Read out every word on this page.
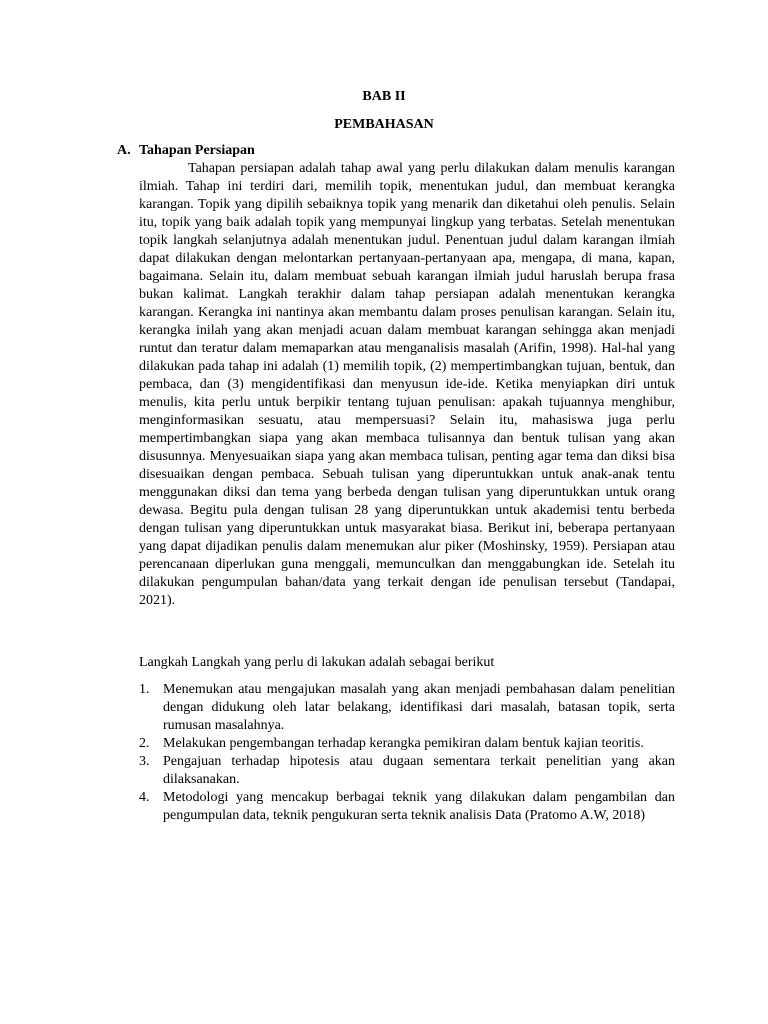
BAB II
PEMBAHASAN
A. Tahapan Persiapan

Tahapan persiapan adalah tahap awal yang perlu dilakukan dalam menulis karangan ilmiah. Tahap ini terdiri dari, memilih topik, menentukan judul, dan membuat kerangka karangan. Topik yang dipilih sebaiknya topik yang menarik dan diketahui oleh penulis. Selain itu, topik yang baik adalah topik yang mempunyai lingkup yang terbatas. Setelah menentukan topik langkah selanjutnya adalah menentukan judul. Penentuan judul dalam karangan ilmiah dapat dilakukan dengan melontarkan pertanyaan-pertanyaan apa, mengapa, di mana, kapan, bagaimana. Selain itu, dalam membuat sebuah karangan ilmiah judul haruslah berupa frasa bukan kalimat. Langkah terakhir dalam tahap persiapan adalah menentukan kerangka karangan. Kerangka ini nantinya akan membantu dalam proses penulisan karangan. Selain itu, kerangka inilah yang akan menjadi acuan dalam membuat karangan sehingga akan menjadi runtut dan teratur dalam memaparkan atau menganalisis masalah (Arifin, 1998). Hal-hal yang dilakukan pada tahap ini adalah (1) memilih topik, (2) mempertimbangkan tujuan, bentuk, dan pembaca, dan (3) mengidentifikasi dan menyusun ide-ide. Ketika menyiapkan diri untuk menulis, kita perlu untuk berpikir tentang tujuan penulisan: apakah tujuannya menghibur, menginformasikan sesuatu, atau mempersuasi? Selain itu, mahasiswa juga perlu mempertimbangkan siapa yang akan membaca tulisannya dan bentuk tulisan yang akan disusunnya. Menyesuaikan siapa yang akan membaca tulisan, penting agar tema dan diksi bisa disesuaikan dengan pembaca. Sebuah tulisan yang diperuntukkan untuk anak-anak tentu menggunakan diksi dan tema yang berbeda dengan tulisan yang diperuntukkan untuk orang dewasa. Begitu pula dengan tulisan 28 yang diperuntukkan untuk akademisi tentu berbeda dengan tulisan yang diperuntukkan untuk masyarakat biasa. Berikut ini, beberapa pertanyaan yang dapat dijadikan penulis dalam menemukan alur piker (Moshinsky, 1959). Persiapan atau perencanaan diperlukan guna menggali, memunculkan dan menggabungkan ide. Setelah itu dilakukan pengumpulan bahan/data yang terkait dengan ide penulisan tersebut (Tandapai, 2021).

Langkah Langkah yang perlu di lakukan adalah sebagai berikut

1. Menemukan atau mengajukan masalah yang akan menjadi pembahasan dalam penelitian dengan didukung oleh latar belakang, identifikasi dari masalah, batasan topik, serta rumusan masalahnya.
2. Melakukan pengembangan terhadap kerangka pemikiran dalam bentuk kajian teoritis.
3. Pengajuan terhadap hipotesis atau dugaan sementara terkait penelitian yang akan dilaksanakan.
4. Metodologi yang mencakup berbagai teknik yang dilakukan dalam pengambilan dan pengumpulan data, teknik pengukuran serta teknik analisis Data (Pratomo A.W, 2018)
